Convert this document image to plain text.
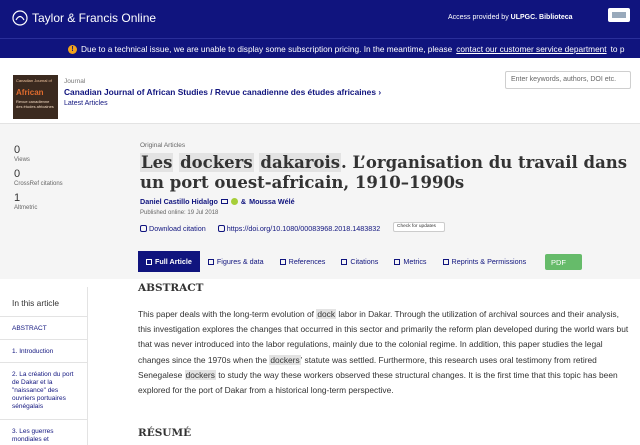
Taylor & Francis Online	Access provided by ULPGC. Biblioteca
! Due to a technical issue, we are unable to display some subscription pricing. In the meantime, please contact our customer service department to p
Canadian Journal of
African
Revue canadienne des études africaines
Journal
Canadian Journal of African Studies / Revue canadienne des études africaines ›
Latest Articles
Enter keywords, authors, DOI etc.
0
Views
0
CrossRef citations
1
Altmetric
Original Articles
Les dockers dakarois. L’organisation du travail dans un port ouest-africain, 1910–1990s
Daniel Castillo Hidalgo	& Moussa Wélé
Published online: 19 Jul 2018
Download citation	https://doi.org/10.1080/00083968.2018.1483832	Check for updates
Full Article	Figures & data	References	Citations	Metrics	Reprints & Permissions	PDF
In this article
ABSTRACT
1. Introduction
2. La création du port de Dakar et la "naissance" des ouvriers portuaires sénégalais
3. Les guerres mondiales et
ABSTRACT

This paper deals with the long-term evolution of dock labor in Dakar. Through the utilization of archival sources and their analysis, this investigation explores the changes that occurred in this sector and primarily the reform plan developed during the world wars but that was never introduced into the labor regulations, mainly due to the colonial regime. In addition, this paper studies the legal changes since the 1970s when the dockers’ statute was settled. Furthermore, this research uses oral testimony from retired Senegalese dockers to study the way these workers observed these structural changes. It is the first time that this topic has been explored for the port of Dakar from a historical long-term perspective.

RÉSUMÉ
